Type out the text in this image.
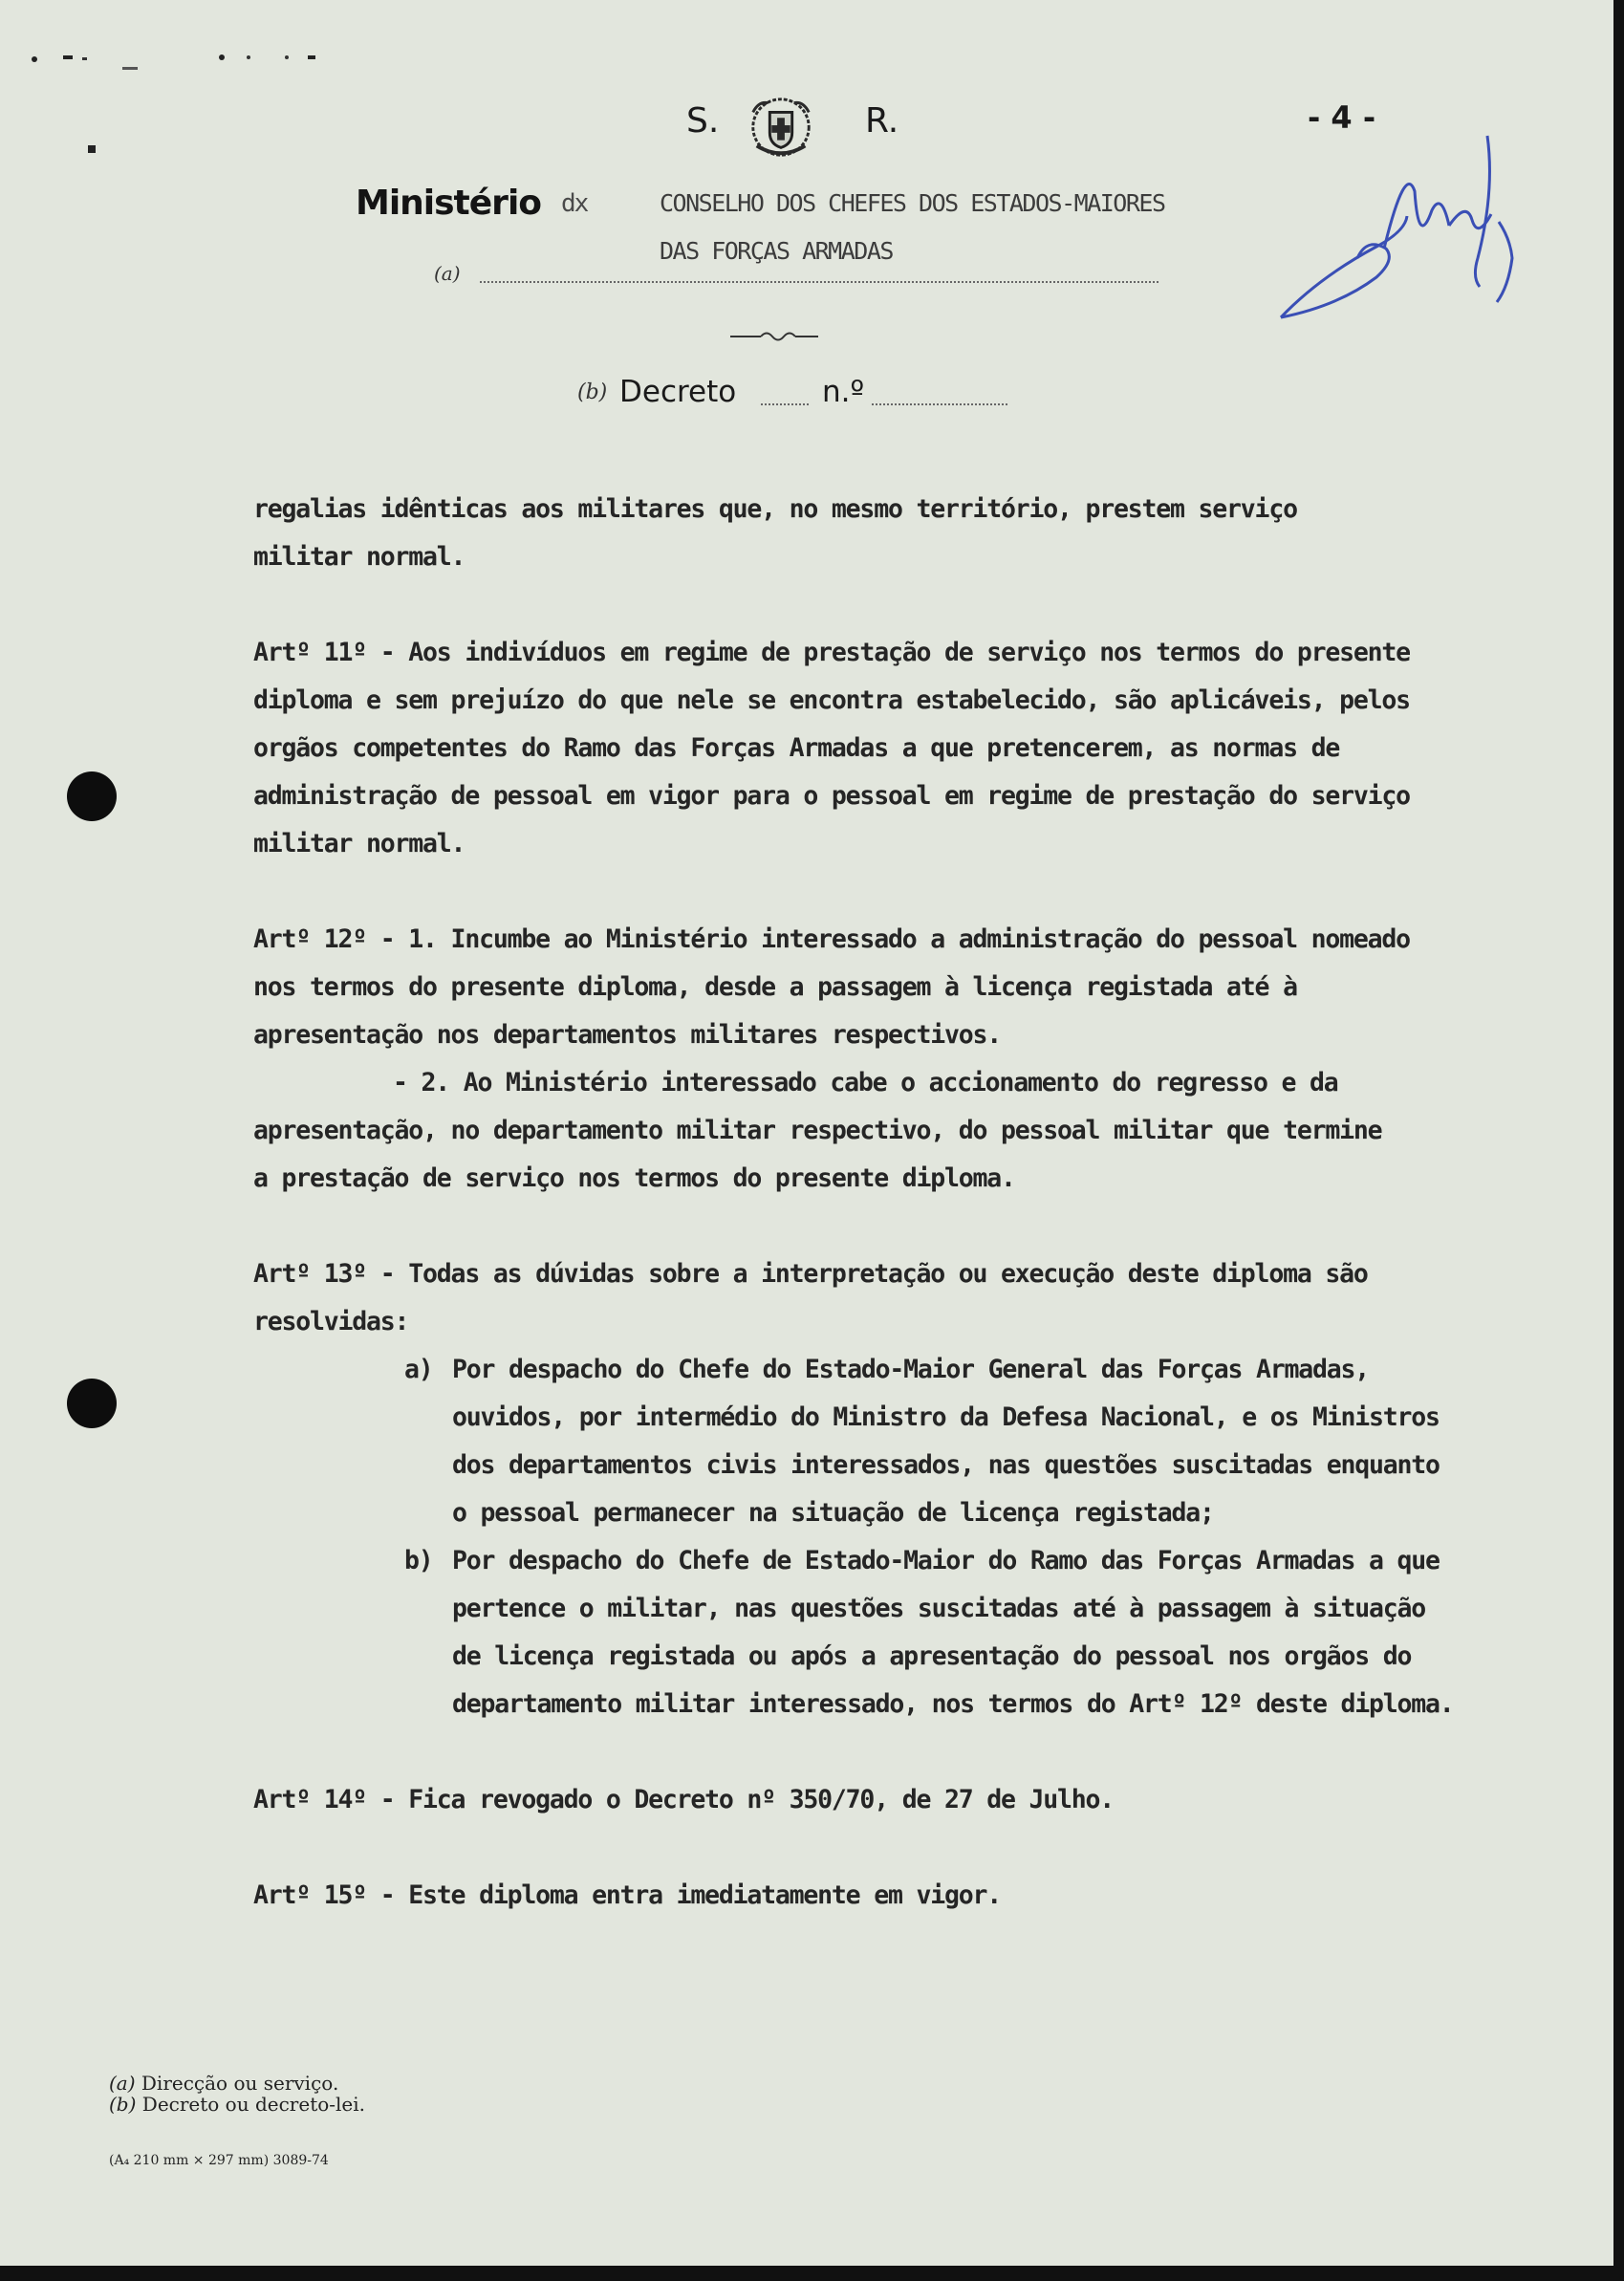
S.	R.	- 4 -
Ministério dx	CONSELHO DOS CHEFES DOS ESTADOS-MAIORES
DAS FORÇAS ARMADAS
(a)
(b) Decreto	n.º
regalias idênticas aos militares que, no mesmo território, prestem serviço
militar normal.
Artº 11º - Aos indivíduos em regime de prestação de serviço nos termos do presente
diploma e sem prejuízo do que nele se encontra estabelecido, são aplicáveis, pelos
orgãos competentes do Ramo das Forças Armadas a que pretencerem, as normas de
administração de pessoal em vigor para o pessoal em regime de prestação do serviço
militar normal.
Artº 12º - 1. Incumbe ao Ministério interessado a administração do pessoal nomeado
nos termos do presente diploma, desde a passagem à licença registada até à
apresentação nos departamentos militares respectivos.
- 2. Ao Ministério interessado cabe o accionamento do regresso e da
apresentação, no departamento militar respectivo, do pessoal militar que termine
a prestação de serviço nos termos do presente diploma.
Artº 13º - Todas as dúvidas sobre a interpretação ou execução deste diploma são
resolvidas:
a) Por despacho do Chefe do Estado-Maior General das Forças Armadas,
ouvidos, por intermédio do Ministro da Defesa Nacional, e os Ministros
dos departamentos civis interessados, nas questões suscitadas enquanto
o pessoal permanecer na situação de licença registada;
b) Por despacho do Chefe de Estado-Maior do Ramo das Forças Armadas a que
pertence o militar, nas questões suscitadas até à passagem à situação
de licença registada ou após a apresentação do pessoal nos orgãos do
departamento militar interessado, nos termos do Artº 12º deste diploma.
Artº 14º - Fica revogado o Decreto nº 350/70, de 27 de Julho.
Artº 15º - Este diploma entra imediatamente em vigor.
(a) Direcção ou serviço.
(b) Decreto ou decreto-lei.
(A₄ 210 mm × 297 mm) 3089-74
